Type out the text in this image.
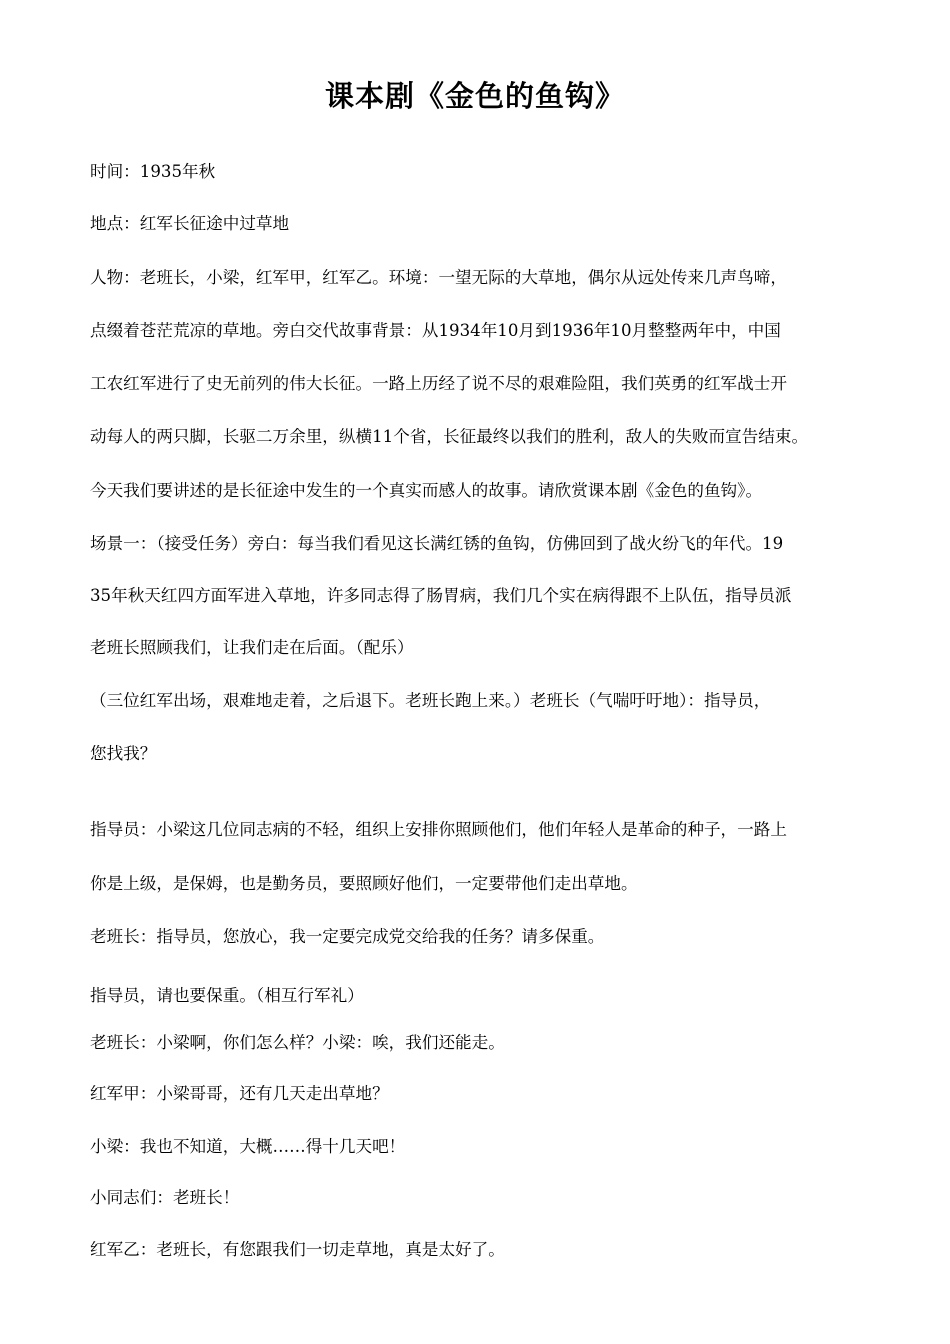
课本剧《金色的鱼钩》

时间：1935年秋

地点：红军长征途中过草地

人物：老班长，小梁，红军甲，红军乙。环境：一望无际的大草地，偶尔从远处传来几声鸟啼，

点缀着苍茫荒凉的草地。旁白交代故事背景：从1934年10月到1936年10月整整两年中，中国

工农红军进行了史无前列的伟大长征。一路上历经了说不尽的艰难险阻，我们英勇的红军战士开

动每人的两只脚，长驱二万余里，纵横11个省，长征最终以我们的胜利，敌人的失败而宣告结束。

今天我们要讲述的是长征途中发生的一个真实而感人的故事。请欣赏课本剧《金色的鱼钩》。

场景一：（接受任务）旁白：每当我们看见这长满红锈的鱼钩，仿佛回到了战火纷飞的年代。19

35年秋天红四方面军进入草地，许多同志得了肠胃病，我们几个实在病得跟不上队伍，指导员派

老班长照顾我们，让我们走在后面。（配乐）

（三位红军出场，艰难地走着，之后退下。老班长跑上来。）老班长（气喘吁吁地）：指导员，

您找我？

指导员：小梁这几位同志病的不轻，组织上安排你照顾他们，他们年轻人是革命的种子，一路上

你是上级，是保姆，也是勤务员，要照顾好他们，一定要带他们走出草地。

老班长：指导员，您放心，我一定要完成党交给我的任务？请多保重。

指导员，请也要保重。（相互行军礼）

老班长：小梁啊，你们怎么样？小梁：唉，我们还能走。

红军甲：小梁哥哥，还有几天走出草地？

小梁：我也不知道，大概……得十几天吧！

小同志们：老班长！

红军乙：老班长，有您跟我们一切走草地，真是太好了。
